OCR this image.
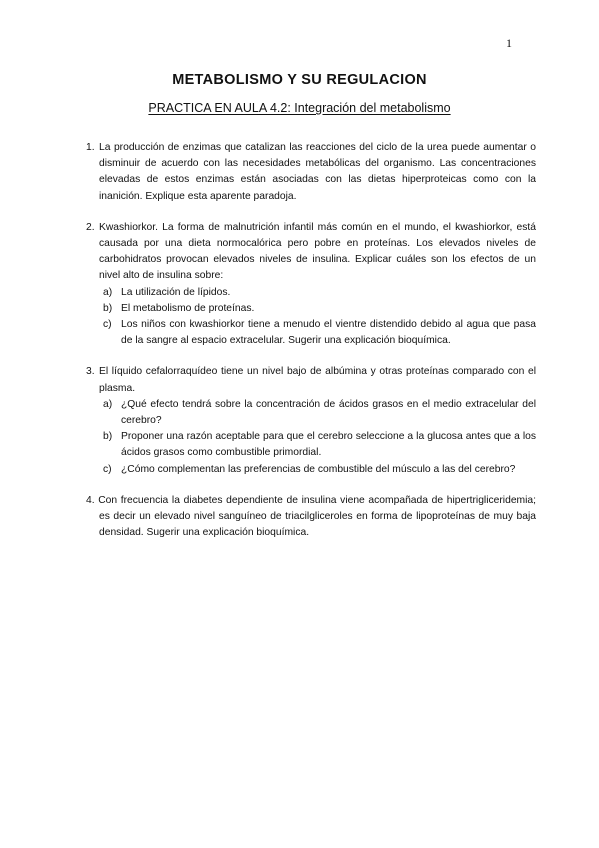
1
METABOLISMO Y SU REGULACION
PRACTICA EN AULA 4.2: Integración del metabolismo
1. La producción de enzimas que catalizan las reacciones del ciclo de la urea puede aumentar o disminuir de acuerdo con las necesidades metabólicas del organismo. Las concentraciones elevadas de estos enzimas están asociadas con las dietas hiperproteicas como con la inanición. Explique esta aparente paradoja.
2. Kwashiorkor. La forma de malnutrición infantil más común en el mundo, el kwashiorkor, está causada por una dieta normocalórica pero pobre en proteínas. Los elevados niveles de carbohidratos provocan elevados niveles de insulina. Explicar cuáles son los efectos de un nivel alto de insulina sobre:
a) La utilización de lípidos.
b) El metabolismo de proteínas.
c) Los niños con kwashiorkor tiene a menudo el vientre distendido debido al agua que pasa de la sangre al espacio extracelular. Sugerir una explicación bioquímica.
3. El líquido cefalorraquídeo tiene un nivel bajo de albúmina y otras proteínas comparado con el plasma.
a) ¿Qué efecto tendrá sobre la concentración de ácidos grasos en el medio extracelular del cerebro?
b) Proponer una razón aceptable para que el cerebro seleccione a la glucosa antes que a los ácidos grasos como combustible primordial.
c) ¿Cómo complementan las preferencias de combustible del músculo a las del cerebro?
4. Con frecuencia la diabetes dependiente de insulina viene acompañada de hipertrigliceridemia; es decir un elevado nivel sanguíneo de triacilgliceroles en forma de lipoproteínas de muy baja densidad. Sugerir una explicación bioquímica.
